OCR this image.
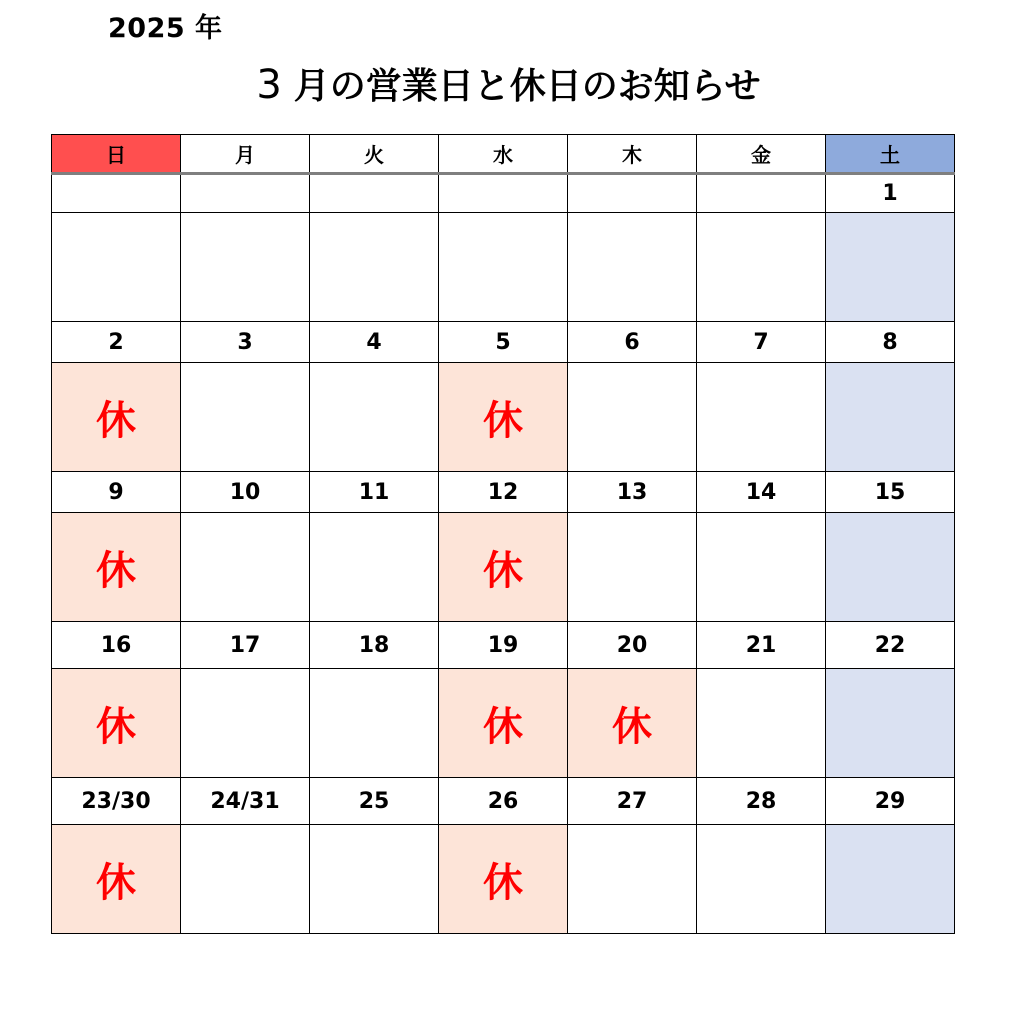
2025 年
3 月の営業日と休日のお知らせ
日	月	火	水	木	金	土
						1

2	3	4	5	6	7	8
休			休			
9	10	11	12	13	14	15
休			休			
16	17	18	19	20	21	22
休			休	休		
23/30	24/31	25	26	27	28	29
休			休			
